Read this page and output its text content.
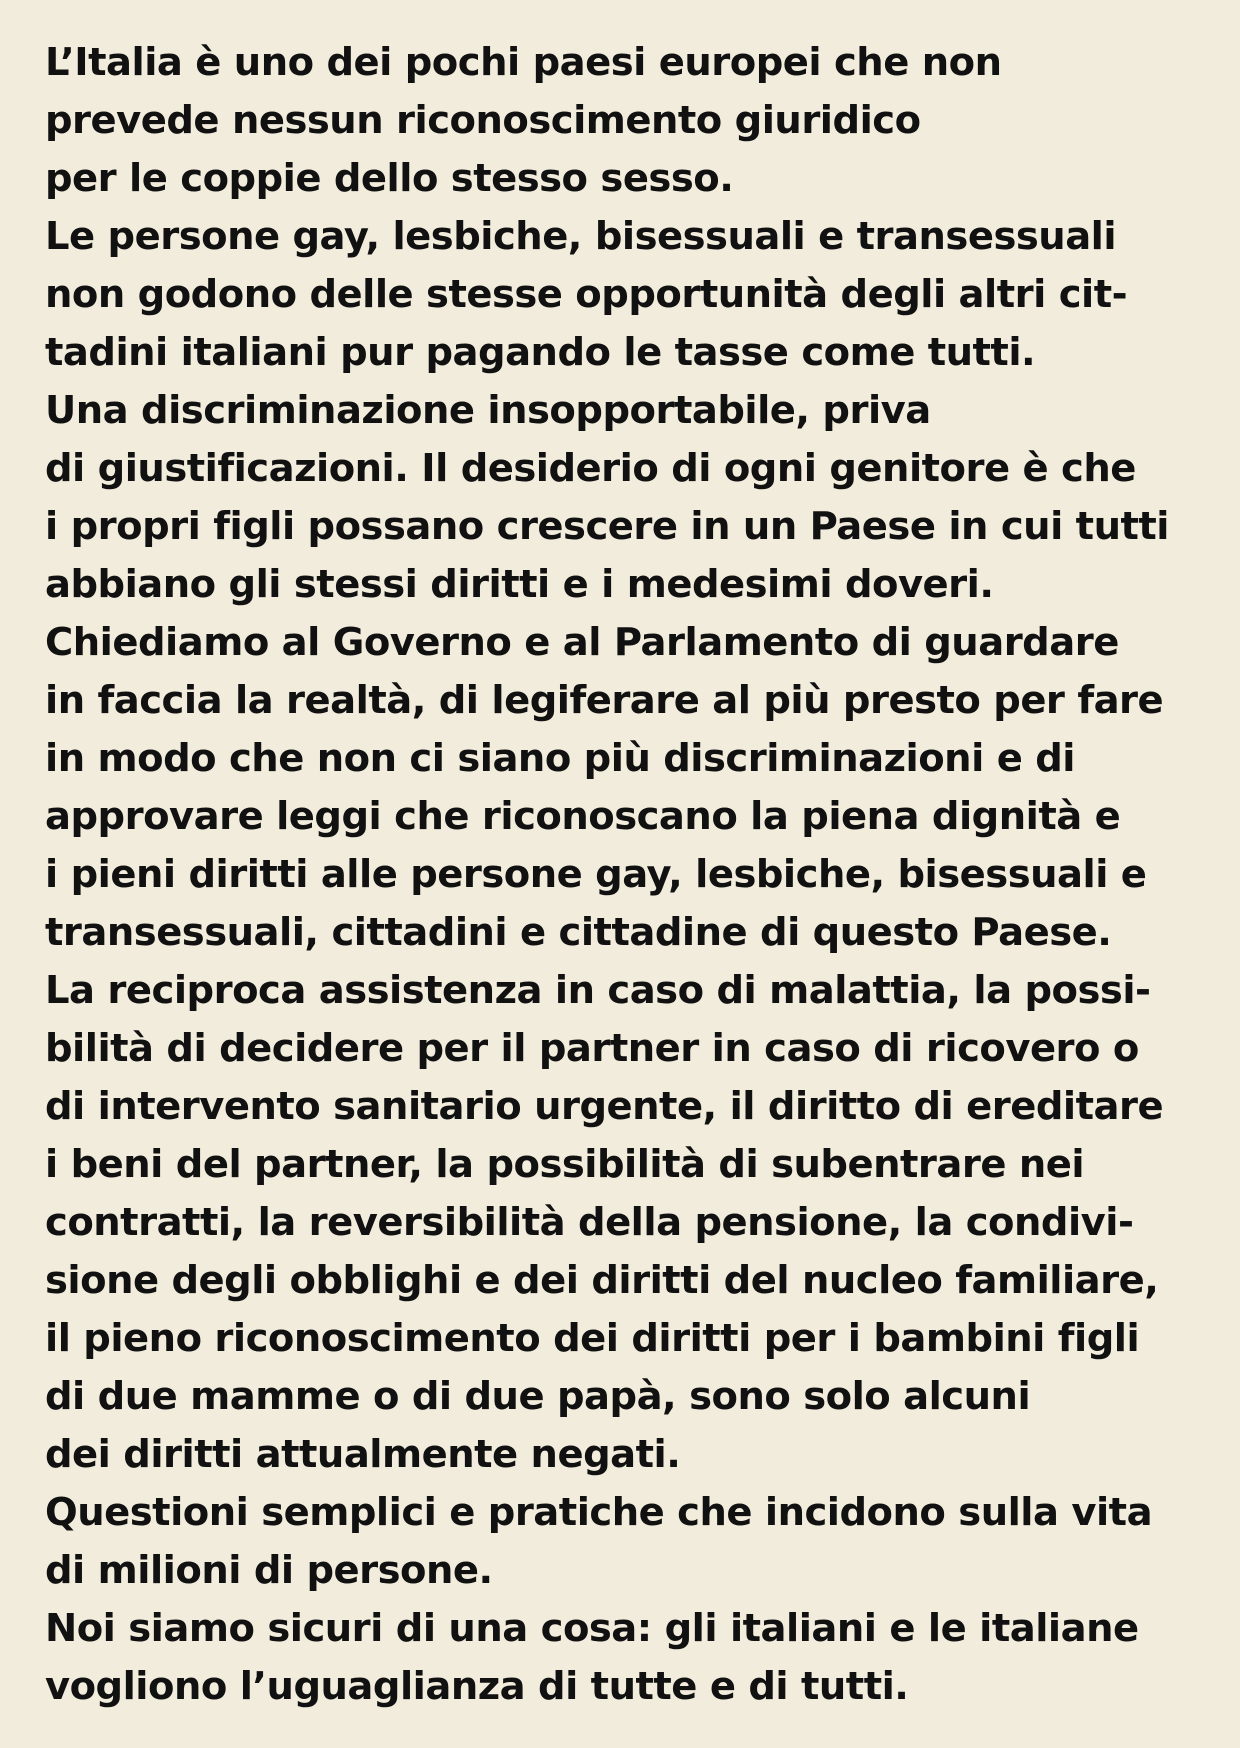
L’Italia è uno dei pochi paesi europei che non
prevede nessun riconoscimento giuridico
per le coppie dello stesso sesso.
Le persone gay, lesbiche, bisessuali e transessuali
non godono delle stesse opportunità degli altri cit-
tadini italiani pur pagando le tasse come tutti.
Una discriminazione insopportabile, priva
di giustificazioni. Il desiderio di ogni genitore è che
i propri figli possano crescere in un Paese in cui tutti
abbiano gli stessi diritti e i medesimi doveri.
Chiediamo al Governo e al Parlamento di guardare
in faccia la realtà, di legiferare al più presto per fare
in modo che non ci siano più discriminazioni e di
approvare leggi che riconoscano la piena dignità e
i pieni diritti alle persone gay, lesbiche, bisessuali e
transessuali, cittadini e cittadine di questo Paese.
La reciproca assistenza in caso di malattia, la possi-
bilità di decidere per il partner in caso di ricovero o
di intervento sanitario urgente, il diritto di ereditare
i beni del partner, la possibilità di subentrare nei
contratti, la reversibilità della pensione, la condivi-
sione degli obblighi e dei diritti del nucleo familiare,
il pieno riconoscimento dei diritti per i bambini figli
di due mamme o di due papà, sono solo alcuni
dei diritti attualmente negati.
Questioni semplici e pratiche che incidono sulla vita
di milioni di persone.
Noi siamo sicuri di una cosa: gli italiani e le italiane
vogliono l’uguaglianza di tutte e di tutti.
